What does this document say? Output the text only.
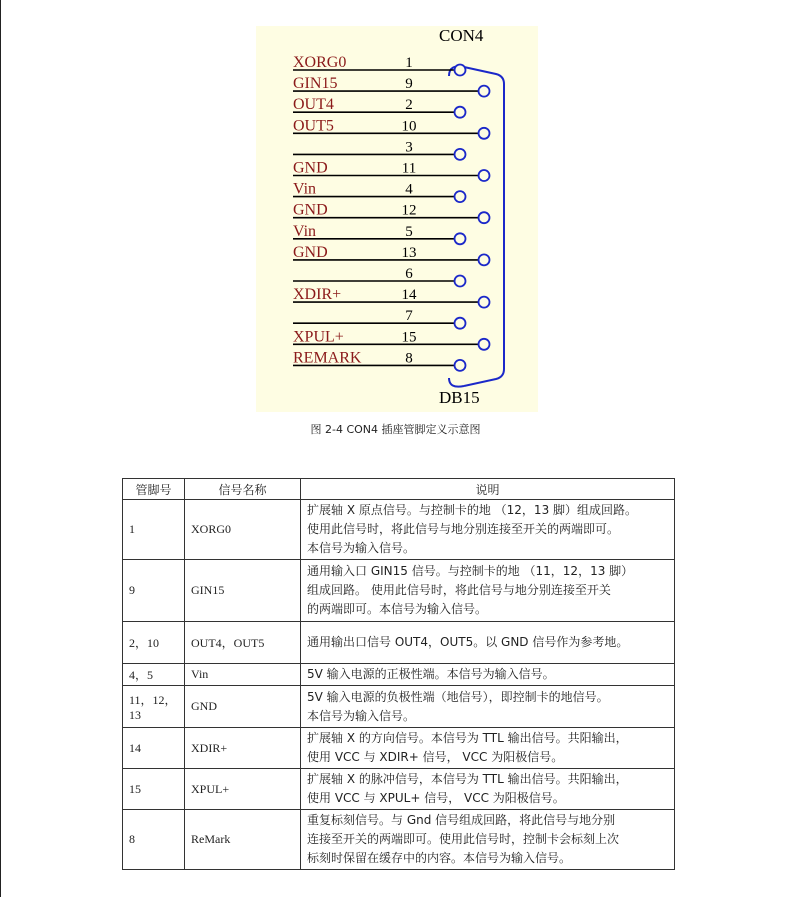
CON4
DB15
XORG0	1
GIN15	9
OUT4	2
OUT5	10
3
GND	11
Vin	4
GND	12
Vin	5
GND	13
6
XDIR+	14
7
XPUL+	15
REMARK	8
图 2-4 CON4 插座管脚定义示意图
管脚号	信号名称	说明
1	XORG0	扩展轴 X 原点信号。与控制卡的地 （12，13 脚）组成回路。
使用此信号时，将此信号与地分别连接至开关的两端即可。
本信号为输入信号。

9	GIN15	通用输入口 GIN15 信号。与控制卡的地 （11，12，13 脚）
组成回路。 使用此信号时，将此信号与地分别连接至开关
的两端即可。本信号为输入信号。

2，10	OUT4，OUT5	通用输出口信号 OUT4，OUT5。以 GND 信号作为参考地。

4，5	Vin	5V 输入电源的正极性端。本信号为输入信号。

11，12，13	GND	5V 输入电源的负极性端（地信号），即控制卡的地信号。
本信号为输入信号。

14	XDIR+	扩展轴 X 的方向信号。本信号为 TTL 输出信号。共阳输出，
使用 VCC 与 XDIR+ 信号， VCC 为阳极信号。

15	XPUL+	扩展轴 X 的脉冲信号，本信号为 TTL 输出信号。共阳输出，
使用 VCC 与 XPUL+ 信号， VCC 为阳极信号。

8	ReMark	重复标刻信号。与 Gnd 信号组成回路，将此信号与地分别
连接至开关的两端即可。使用此信号时，控制卡会标刻上次
标刻时保留在缓存中的内容。本信号为输入信号。
